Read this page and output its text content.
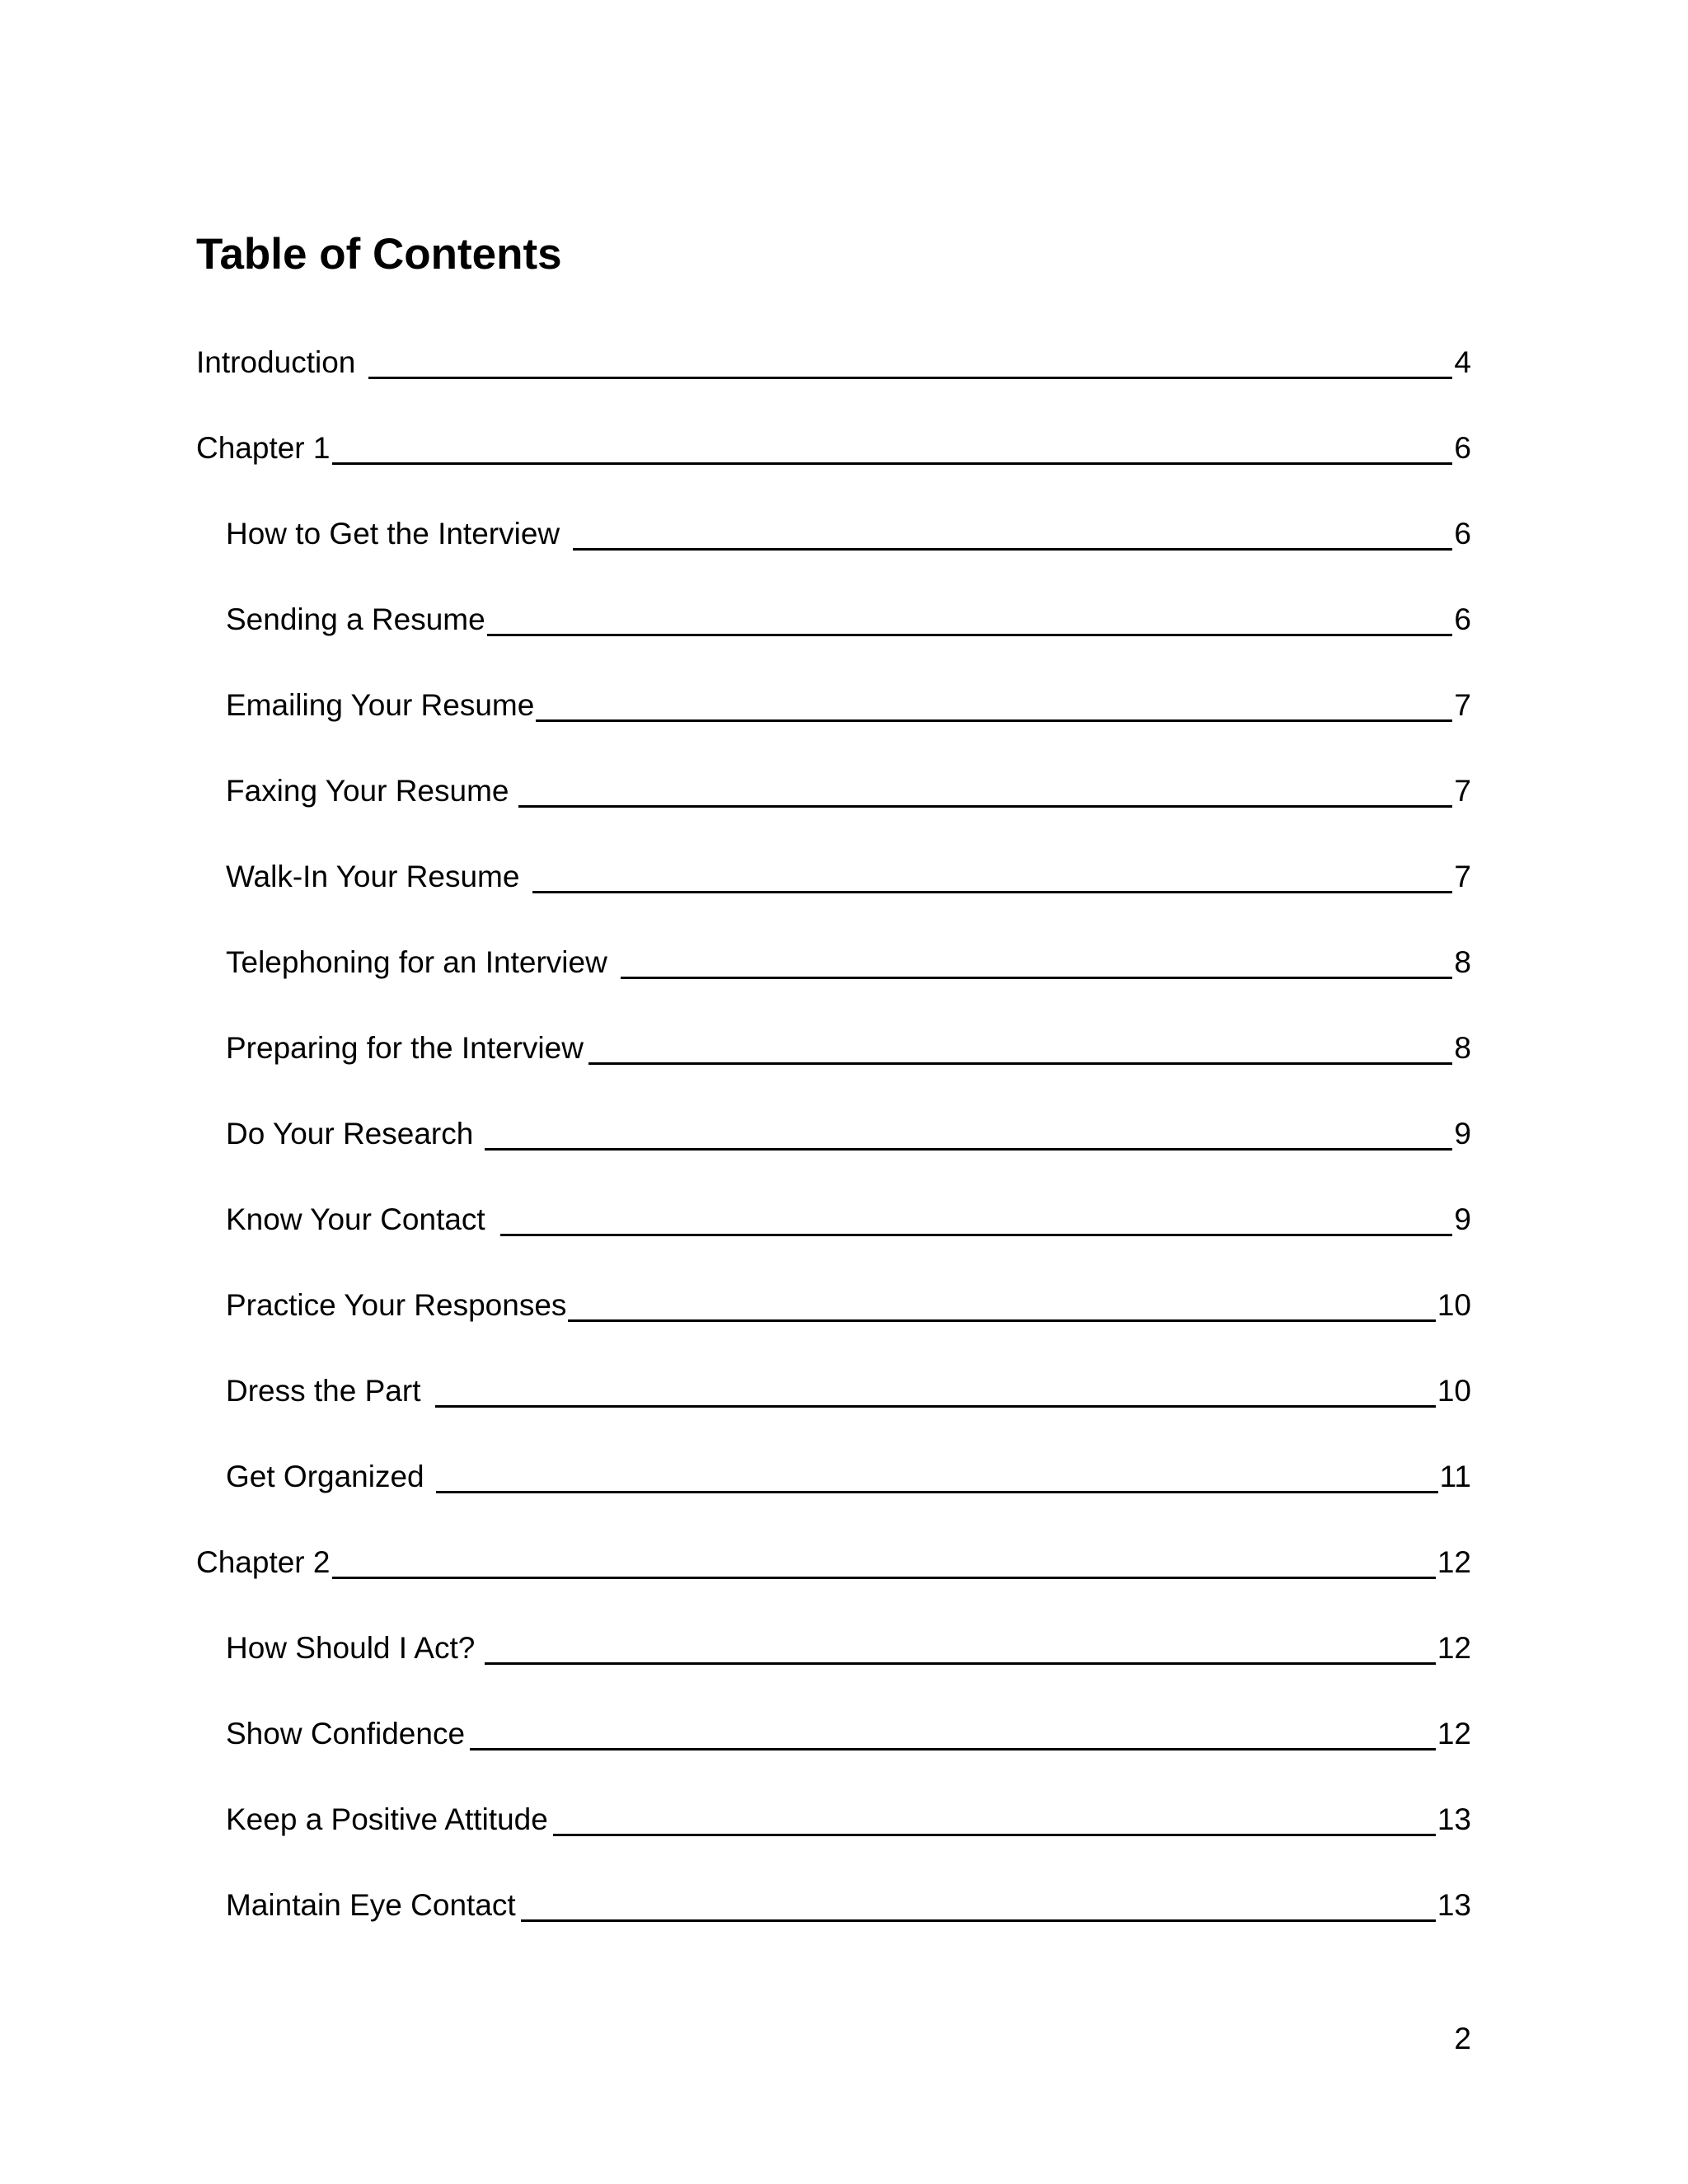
Table of Contents
Introduction	4
Chapter 1	6
How to Get the Interview	6
Sending a Resume	6
Emailing Your Resume	7
Faxing Your Resume	7
Walk-In Your Resume	7
Telephoning for an Interview	8
Preparing for the Interview	8
Do Your Research	9
Know Your Contact	9
Practice Your Responses	10
Dress the Part	10
Get Organized	11
Chapter 2	12
How Should I Act?	12
Show Confidence	12
Keep a Positive Attitude	13
Maintain Eye Contact	13
2
